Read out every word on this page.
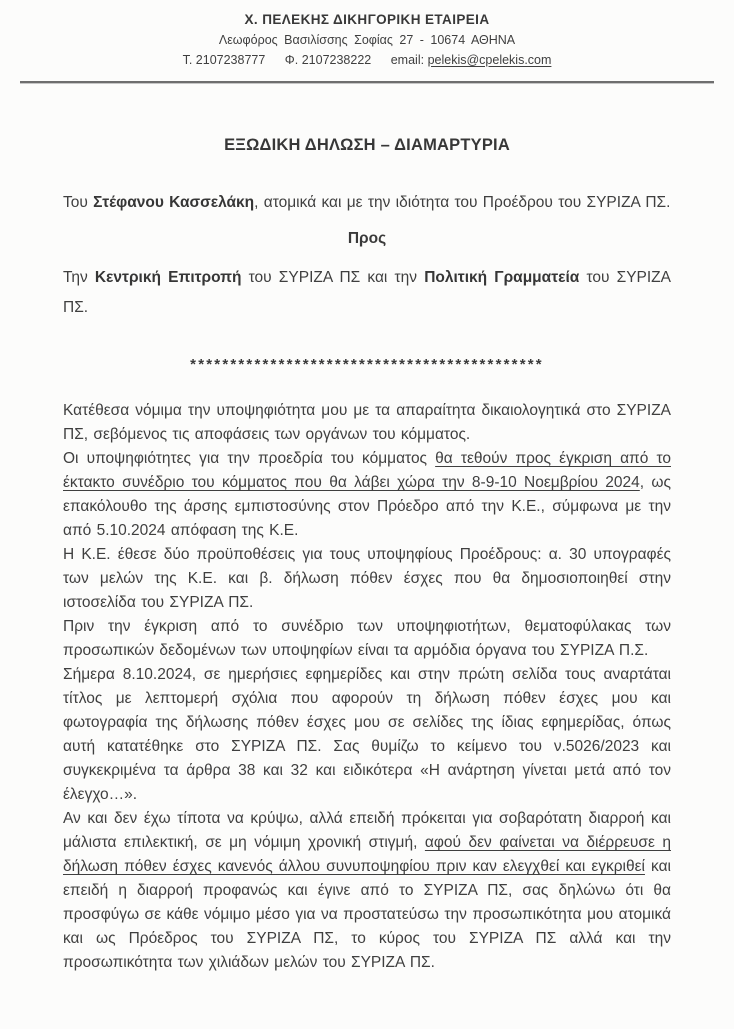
Χ. ΠΕΛΕΚΗΣ ΔΙΚΗΓΟΡΙΚΗ ΕΤΑΙΡΕΙΑ
Λεωφόρος Βασιλίσσης Σοφίας 27 - 10674 ΑΘΗΝΑ
Τ. 2107238777 Φ. 2107238222 email: pelekis@cpelekis.com
ΕΞΩΔΙΚΗ ΔΗΛΩΣΗ – ΔΙΑΜΑΡΤΥΡΙΑ

Του Στέφανου Κασσελάκη, ατομικά και με την ιδιότητα του Προέδρου του ΣΥΡΙΖΑ ΠΣ.

Προς

Την Κεντρική Επιτροπή του ΣΥΡΙΖΑ ΠΣ και την Πολιτική Γραμματεία του ΣΥΡΙΖΑ ΠΣ.

********************************************

Κατέθεσα νόμιμα την υποψηφιότητα μου με τα απαραίτητα δικαιολογητικά στο ΣΥΡΙΖΑ ΠΣ, σεβόμενος τις αποφάσεις των οργάνων του κόμματος.

Οι υποψηφιότητες για την προεδρία του κόμματος θα τεθούν προς έγκριση από το έκτακτο συνέδριο του κόμματος που θα λάβει χώρα την 8-9-10 Νοεμβρίου 2024, ως επακόλουθο της άρσης εμπιστοσύνης στον Πρόεδρο από την Κ.Ε., σύμφωνα με την από 5.10.2024 απόφαση της Κ.Ε.

Η Κ.Ε. έθεσε δύο προϋποθέσεις για τους υποψηφίους Προέδρους: α. 30 υπογραφές των μελών της Κ.Ε. και β. δήλωση πόθεν έσχες που θα δημοσιοποιηθεί στην ιστοσελίδα του ΣΥΡΙΖΑ ΠΣ.

Πριν την έγκριση από το συνέδριο των υποψηφιοτήτων, θεματοφύλακας των προσωπικών δεδομένων των υποψηφίων είναι τα αρμόδια όργανα του ΣΥΡΙΖΑ Π.Σ.

Σήμερα 8.10.2024, σε ημερήσιες εφημερίδες και στην πρώτη σελίδα τους αναρτάται τίτλος με λεπτομερή σχόλια που αφορούν τη δήλωση πόθεν έσχες μου και φωτογραφία της δήλωσης πόθεν έσχες μου σε σελίδες της ίδιας εφημερίδας, όπως αυτή κατατέθηκε στο ΣΥΡΙΖΑ ΠΣ. Σας θυμίζω το κείμενο του ν.5026/2023 και συγκεκριμένα τα άρθρα 38 και 32 και ειδικότερα «Η ανάρτηση γίνεται μετά από τον έλεγχο…».

Αν και δεν έχω τίποτα να κρύψω, αλλά επειδή πρόκειται για σοβαρότατη διαρροή και μάλιστα επιλεκτική, σε μη νόμιμη χρονική στιγμή, αφού δεν φαίνεται να διέρρευσε η δήλωση πόθεν έσχες κανενός άλλου συνυποψηφίου πριν καν ελεγχθεί και εγκριθεί και επειδή η διαρροή προφανώς και έγινε από το ΣΥΡΙΖΑ ΠΣ, σας δηλώνω ότι θα προσφύγω σε κάθε νόμιμο μέσο για να προστατεύσω την προσωπικότητα μου ατομικά και ως Πρόεδρος του ΣΥΡΙΖΑ ΠΣ, το κύρος του ΣΥΡΙΖΑ ΠΣ αλλά και την προσωπικότητα των χιλιάδων μελών του ΣΥΡΙΖΑ ΠΣ.
